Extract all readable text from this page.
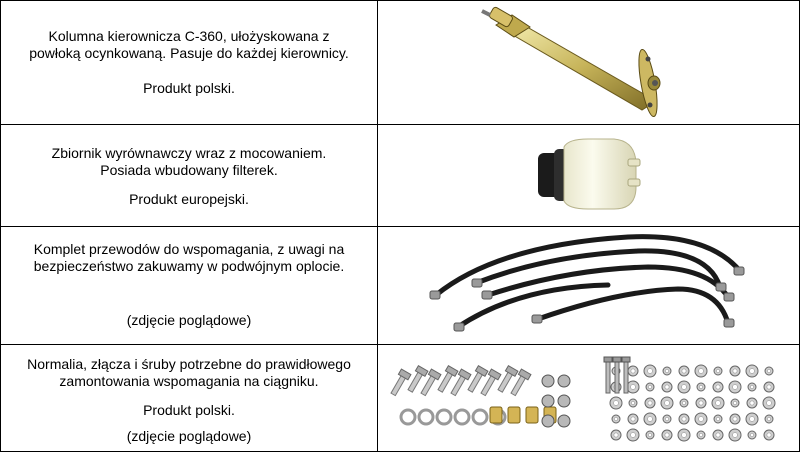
Kolumna kierownicza C-360, ułożyskowana z
powłoką ocynkowaną. Pasuje do każdej kierownicy.
Produkt polski.
Zbiornik wyrównawczy wraz z mocowaniem.
Posiada wbudowany filterek.
Produkt europejski.
Komplet przewodów do wspomagania, z uwagi na
bezpieczeństwo zakuwamy w podwójnym oplocie.
(zdjęcie poglądowe)
Normalia, złącza i śruby potrzebne do prawidłowego
zamontowania wspomagania na ciągniku.
Produkt polski.
(zdjęcie poglądowe)
